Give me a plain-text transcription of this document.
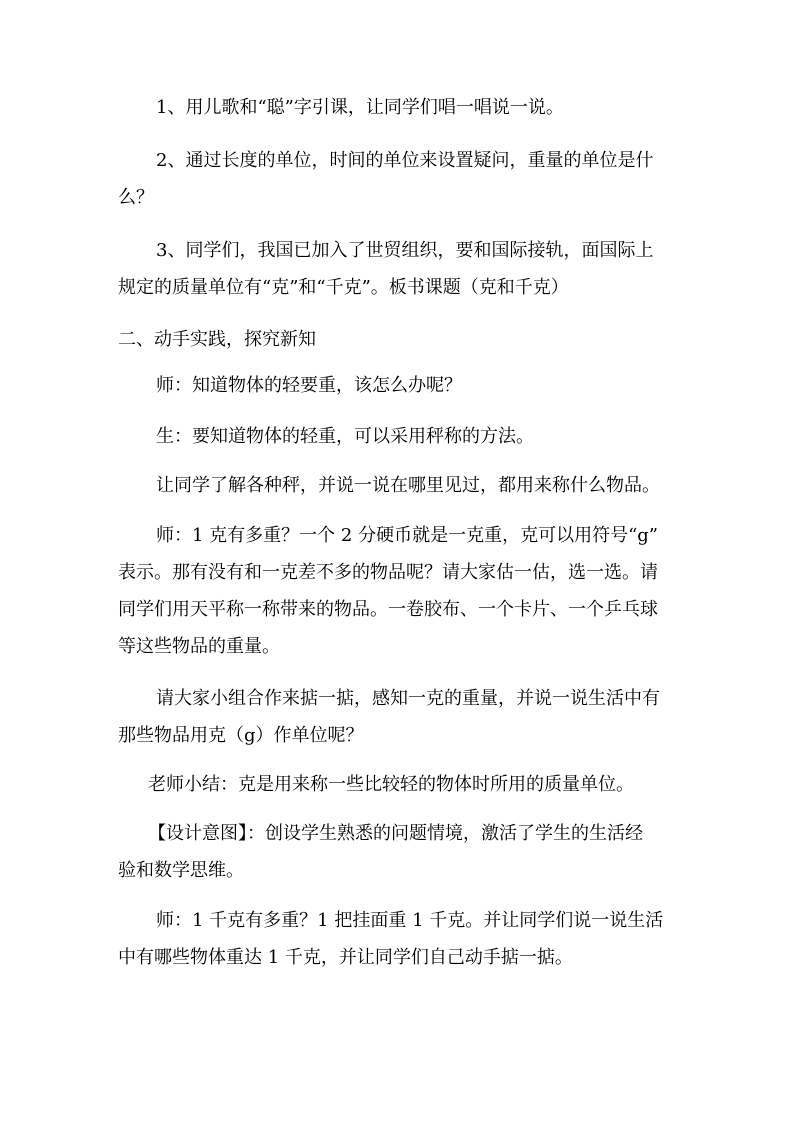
1、用儿歌和“聪”字引课，让同学们唱一唱说一说。
2、通过长度的单位，时间的单位来设置疑问，重量的单位是什
么？
3、同学们，我国已加入了世贸组织，要和国际接轨，面国际上
规定的质量单位有“克”和“千克”。板书课题（克和千克）
二、动手实践，探究新知
师：知道物体的轻要重，该怎么办呢？
生：要知道物体的轻重，可以采用秤称的方法。
让同学了解各种秤，并说一说在哪里见过，都用来称什么物品。
师：1 克有多重？一个 2 分硬币就是一克重，克可以用符号“g”
表示。那有没有和一克差不多的物品呢？请大家估一估，选一选。请
同学们用天平称一称带来的物品。一卷胶布、一个卡片、一个乒乓球
等这些物品的重量。
请大家小组合作来掂一掂，感知一克的重量，并说一说生活中有
那些物品用克（g）作单位呢？
老师小结：克是用来称一些比较轻的物体时所用的质量单位。
【设计意图】：创设学生熟悉的问题情境，激活了学生的生活经
验和数学思维。
师：1 千克有多重？1 把挂面重 1 千克。并让同学们说一说生活
中有哪些物体重达 1 千克，并让同学们自己动手掂一掂。
